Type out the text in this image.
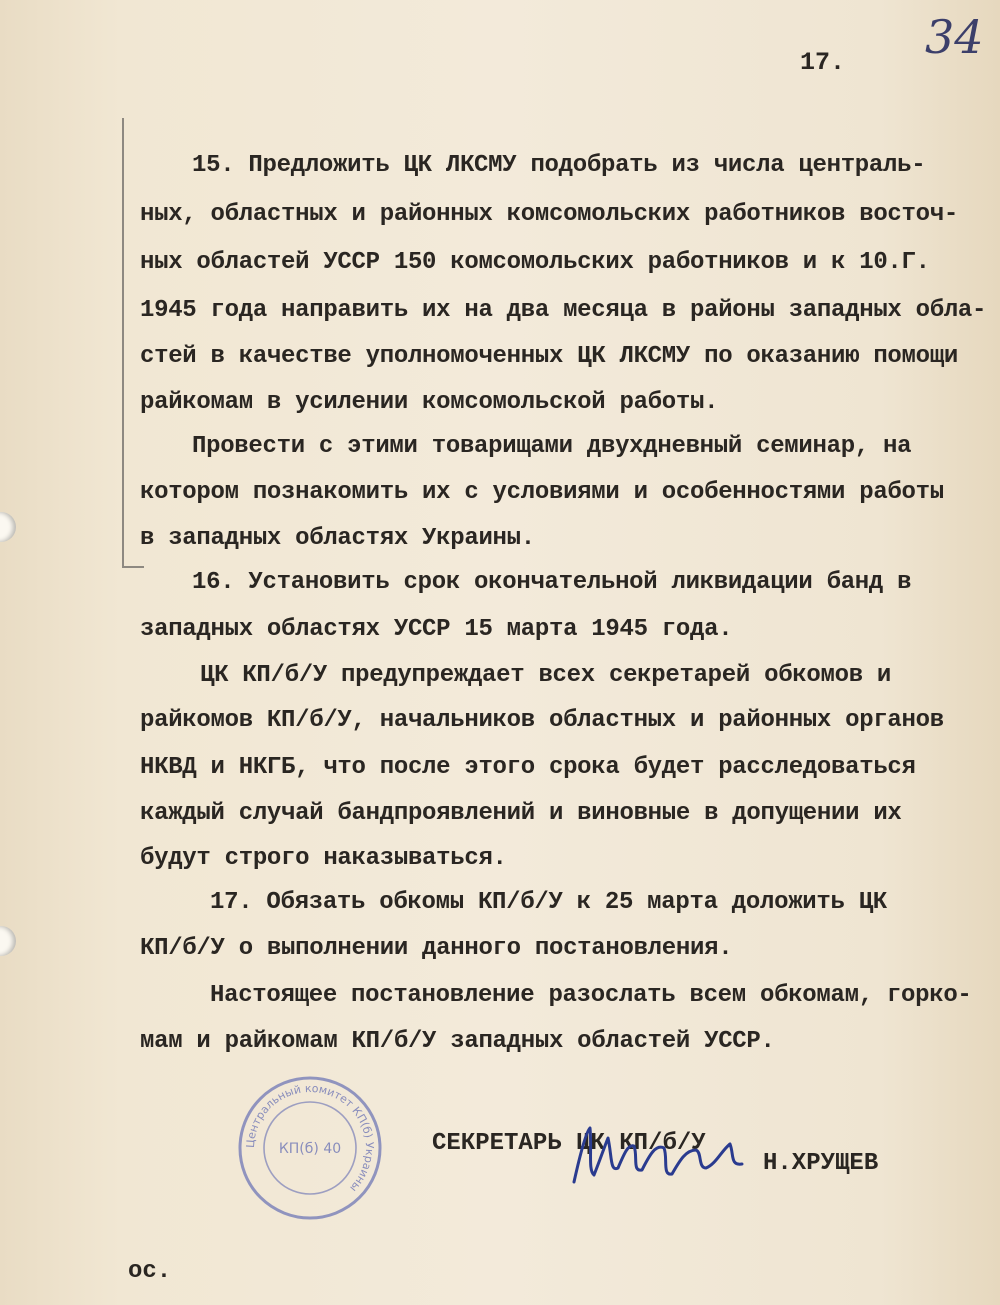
34
17.
15. Предложить ЦК ЛКСМУ подобрать из числа централь-
ных, областных и районных комсомольских работников восточ-
ных областей УССР 150 комсомольских работников и к 10.Г.
1945 года направить их на два месяца в районы западных обла-
стей в качестве уполномоченных ЦК ЛКСМУ по оказанию помощи
райкомам в усилении комсомольской работы.
Провести с этими товарищами двухдневный семинар, на
котором познакомить их с условиями и особенностями работы
в западных областях Украины.
16. Установить срок окончательной ликвидации банд в
западных областях УССР 15 марта 1945 года.
ЦК КП/б/У предупреждает всех секретарей обкомов и
райкомов КП/б/У, начальников областных и районных органов
НКВД и НКГБ, что после этого срока будет расследоваться
каждый случай бандпроявлений и виновные в допущении их
будут строго наказываться.
17. Обязать обкомы КП/б/У к 25 марта доложить ЦК
КП/б/У о выполнении данного постановления.
Настоящее постановление разослать всем обкомам, горко-
мам и райкомам КП/б/У западных областей УССР.
Центральный комитет КП(б) Украины
КП(б) 40	СЕКРЕТАРЬ ЦК КП/б/У
Н.ХРУЩЕВ
ос.
